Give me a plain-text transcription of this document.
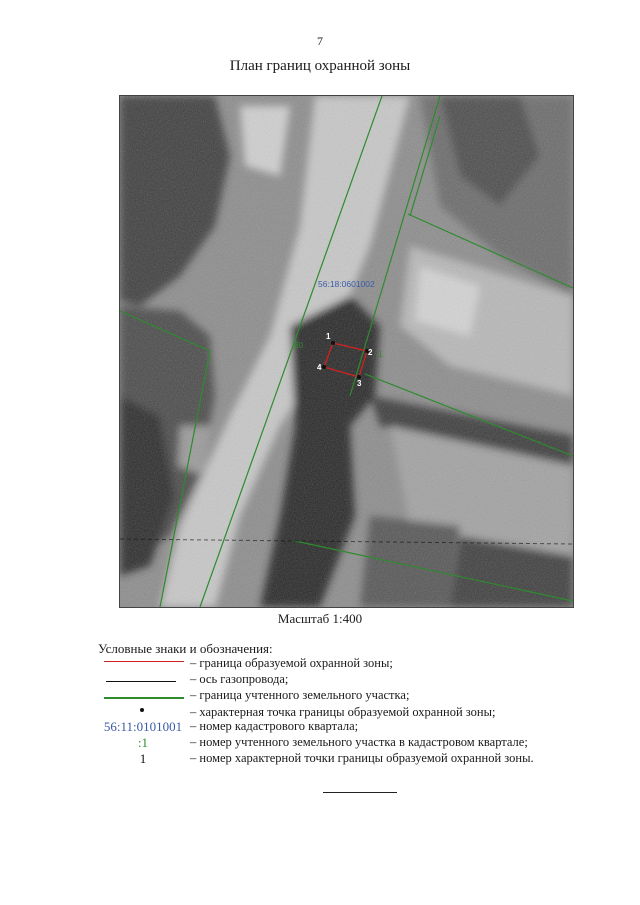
7
План границ охранной зоны
1
2
3
4
56:18:0601002
:1
:60
Масштаб 1:400
Условные знаки и обозначения:
– граница образуемой охранной зоны;
– ось газопровода;
– граница учтенного земельного участка;
– характерная точка границы образуемой охранной зоны;
56:11:0101001 – номер кадастрового квартала;
:1	– номер учтенного земельного участка в кадастровом квартале;
1	– номер характерной точки границы образуемой охранной зоны.
